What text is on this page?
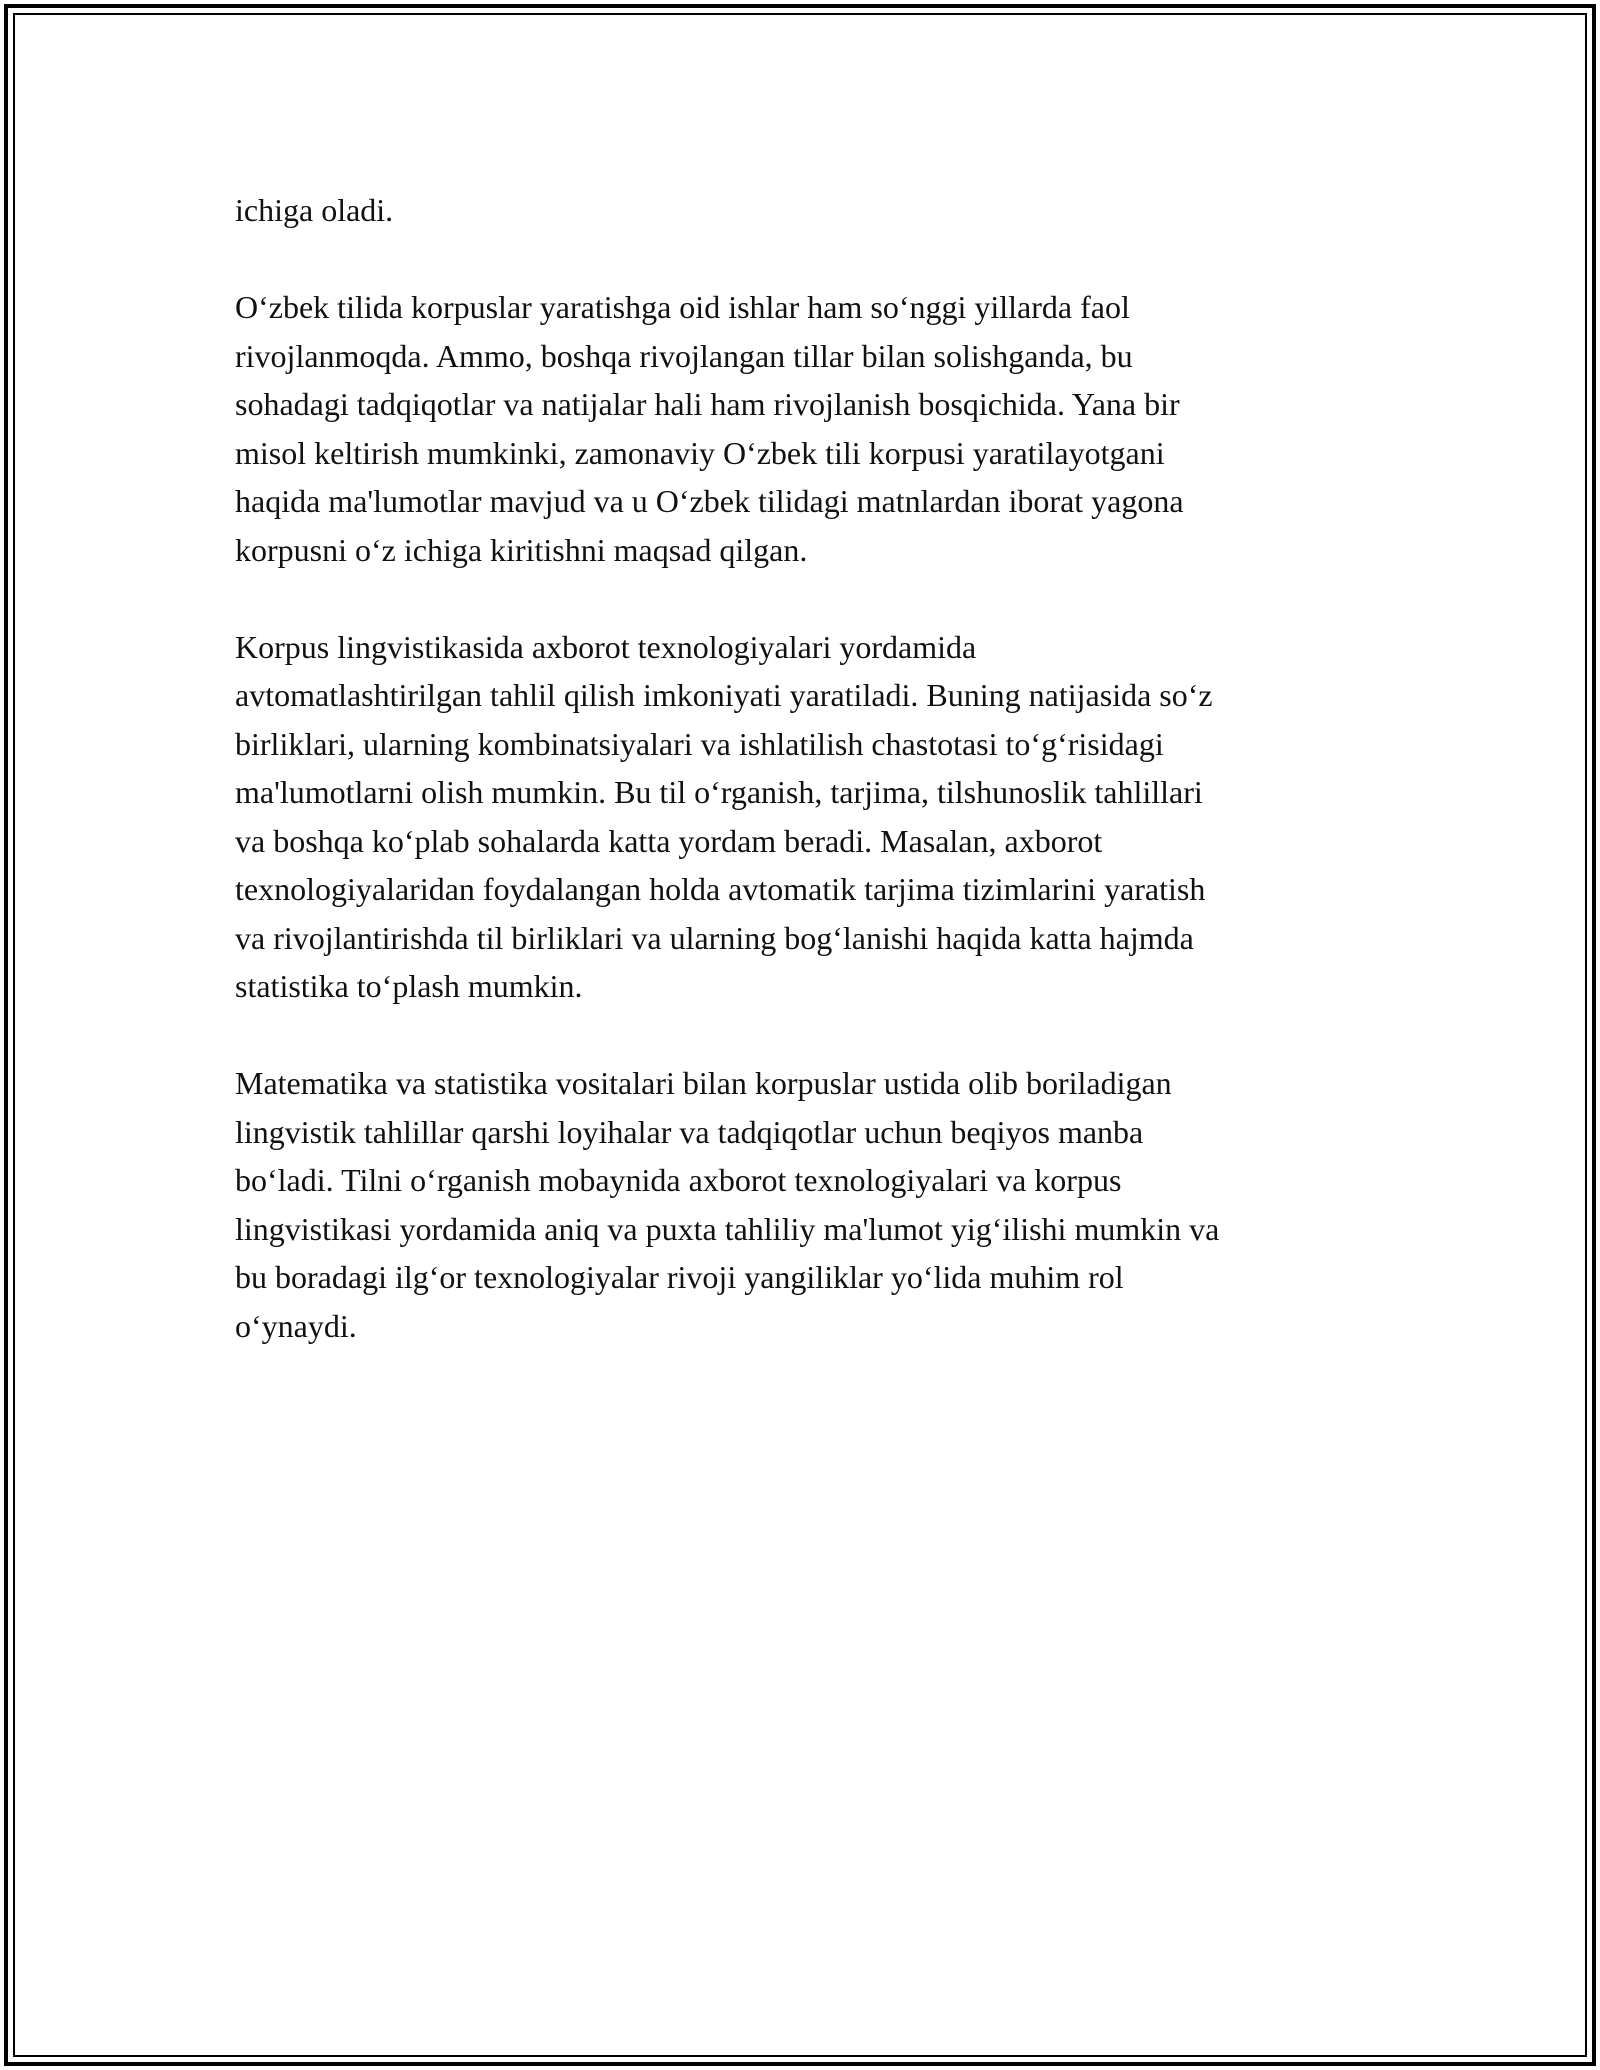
ichiga oladi.

O‘zbek tilida korpuslar yaratishga oid ishlar ham so‘nggi yillarda faol
rivojlanmoqda. Ammo, boshqa rivojlangan tillar bilan solishganda, bu
sohadagi tadqiqotlar va natijalar hali ham rivojlanish bosqichida. Yana bir
misol keltirish mumkinki, zamonaviy O‘zbek tili korpusi yaratilayotgani
haqida ma'lumotlar mavjud va u O‘zbek tilidagi matnlardan iborat yagona
korpusni o‘z ichiga kiritishni maqsad qilgan.

Korpus lingvistikasida axborot texnologiyalari yordamida
avtomatlashtirilgan tahlil qilish imkoniyati yaratiladi. Buning natijasida so‘z
birliklari, ularning kombinatsiyalari va ishlatilish chastotasi to‘g‘risidagi
ma'lumotlarni olish mumkin. Bu til o‘rganish, tarjima, tilshunoslik tahlillari
va boshqa ko‘plab sohalarda katta yordam beradi. Masalan, axborot
texnologiyalaridan foydalangan holda avtomatik tarjima tizimlarini yaratish
va rivojlantirishda til birliklari va ularning bog‘lanishi haqida katta hajmda
statistika to‘plash mumkin.

Matematika va statistika vositalari bilan korpuslar ustida olib boriladigan
lingvistik tahlillar qarshi loyihalar va tadqiqotlar uchun beqiyos manba
bo‘ladi. Tilni o‘rganish mobaynida axborot texnologiyalari va korpus
lingvistikasi yordamida aniq va puxta tahliliy ma'lumot yig‘ilishi mumkin va
bu boradagi ilg‘or texnologiyalar rivoji yangiliklar yo‘lida muhim rol
o‘ynaydi.
